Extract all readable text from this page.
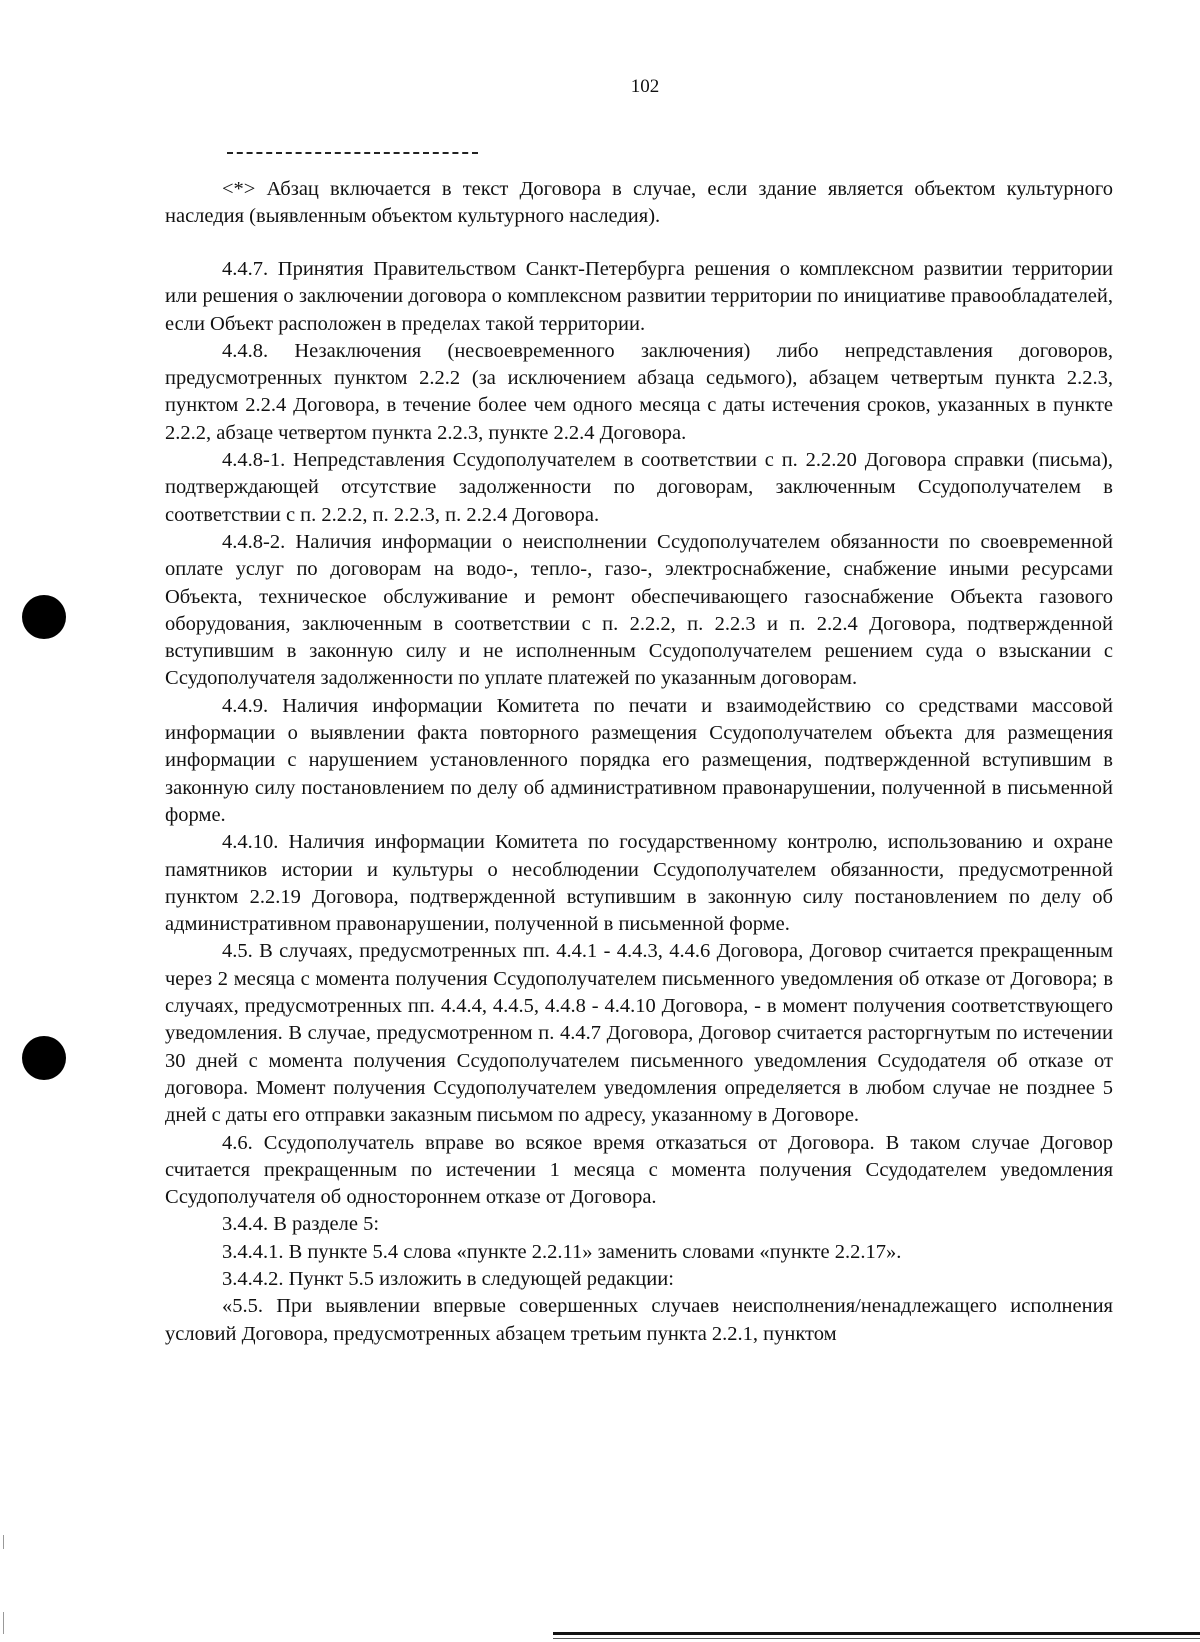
102

<*> Абзац включается в текст Договора в случае, если здание является объектом культурного наследия (выявленным объектом культурного наследия).

4.4.7. Принятия Правительством Санкт-Петербурга решения о комплексном развитии территории или решения о заключении договора о комплексном развитии территории по инициативе правообладателей, если Объект расположен в пределах такой территории.

4.4.8. Незаключения (несвоевременного заключения) либо непредставления договоров, предусмотренных пунктом 2.2.2 (за исключением абзаца седьмого), абзацем четвертым пункта 2.2.3, пунктом 2.2.4 Договора, в течение более чем одного месяца с даты истечения сроков, указанных в пункте 2.2.2, абзаце четвертом пункта 2.2.3, пункте 2.2.4 Договора.

4.4.8-1. Непредставления Ссудополучателем в соответствии с п. 2.2.20 Договора справки (письма), подтверждающей отсутствие задолженности по договорам, заключенным Ссудополучателем в соответствии с п. 2.2.2, п. 2.2.3, п. 2.2.4 Договора.

4.4.8-2. Наличия информации о неисполнении Ссудополучателем обязанности по своевременной оплате услуг по договорам на водо-, тепло-, газо-, электроснабжение, снабжение иными ресурсами Объекта, техническое обслуживание и ремонт обеспечивающего газоснабжение Объекта газового оборудования, заключенным в соответствии с п. 2.2.2, п. 2.2.3 и п. 2.2.4 Договора, подтвержденной вступившим в законную силу и не исполненным Ссудополучателем решением суда о взыскании с Ссудополучателя задолженности по уплате платежей по указанным договорам.

4.4.9. Наличия информации Комитета по печати и взаимодействию со средствами массовой информации о выявлении факта повторного размещения Ссудополучателем объекта для размещения информации с нарушением установленного порядка его размещения, подтвержденной вступившим в законную силу постановлением по делу об административном правонарушении, полученной в письменной форме.

4.4.10. Наличия информации Комитета по государственному контролю, использованию и охране памятников истории и культуры о несоблюдении Ссудополучателем обязанности, предусмотренной пунктом 2.2.19 Договора, подтвержденной вступившим в законную силу постановлением по делу об административном правонарушении, полученной в письменной форме.

4.5. В случаях, предусмотренных пп. 4.4.1 - 4.4.3, 4.4.6 Договора, Договор считается прекращенным через 2 месяца с момента получения Ссудополучателем письменного уведомления об отказе от Договора; в случаях, предусмотренных пп. 4.4.4, 4.4.5, 4.4.8 - 4.4.10 Договора, - в момент получения соответствующего уведомления. В случае, предусмотренном п. 4.4.7 Договора, Договор считается расторгнутым по истечении 30 дней с момента получения Ссудополучателем письменного уведомления Ссудодателя об отказе от договора. Момент получения Ссудополучателем уведомления определяется в любом случае не позднее 5 дней с даты его отправки заказным письмом по адресу, указанному в Договоре.

4.6. Ссудополучатель вправе во всякое время отказаться от Договора. В таком случае Договор считается прекращенным по истечении 1 месяца с момента получения Ссудодателем уведомления Ссудополучателя об одностороннем отказе от Договора.

3.4.4. В разделе 5:

3.4.4.1. В пункте 5.4 слова «пункте 2.2.11» заменить словами «пункте 2.2.17».

3.4.4.2. Пункт 5.5 изложить в следующей редакции:

«5.5. При выявлении впервые совершенных случаев неисполнения/ненадлежащего исполнения условий Договора, предусмотренных абзацем третьим пункта 2.2.1, пунктом
